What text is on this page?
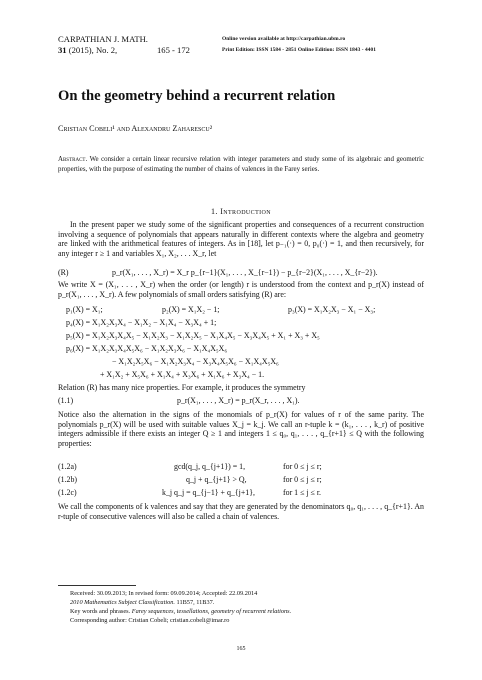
CARPATHIAN J. MATH.
31 (2015), No. 2,	165 - 172
Online version available at http://carpathian.ubm.ro
Print Edition: ISSN 1584 - 2851 Online Edition: ISSN 1843 - 4401
On the geometry behind a recurrent relation
Cristian Cobeli¹ and Alexandru Zaharescu²
Abstract. We consider a certain linear recursive relation with integer parameters and study some of its algebraic and geometric properties, with the purpose of estimating the number of chains of valences in the Farey series.
1. Introduction
In the present paper we study some of the significant properties and consequences of a recurrent construction involving a sequence of polynomials that appears naturally in different contexts where the algebra and geometry are linked with the arithmetical features of integers. As in [18], let p₋₁(·) = 0, p₀(·) = 1, and then recursively, for any integer r ≥ 1 and variables X₁, X₂, . . . X_r, let
(R)	p_r(X₁, . . . , X_r) = X_r p_{r−1}(X₁, . . . , X_{r−1}) − p_{r−2}(X₁, . . . , X_{r−2}).
We write X = (X₁, . . . , X_r) when the order (or length) r is understood from the context and p_r(X) instead of p_r(X₁, . . . , X_r). A few polynomials of small orders satisfying (R) are:
p₁(X) = X₁;	p₂(X) = X₁X₂ − 1;	p₃(X) = X₁X₂X₃ − X₁ − X₃;
p₄(X) = X₁X₂X₃X₄ − X₁X₂ − X₁X₄ − X₃X₄ + 1;
p₅(X) = X₁X₂X₃X₄X₅ − X₁X₂X₃ − X₁X₂X₅ − X₁X₄X₅ − X₃X₄X₅ + X₁ + X₃ + X₅
p₆(X) = X₁X₂X₃X₄X₅X₆ − X₁X₂X₃X₆ − X₁X₄X₅X₆
− X₁X₂X₅X₆ − X₁X₂X₃X₄ − X₃X₄X₅X₆ − X₁X₄X₅X₆
+ X₁X₂ + X₅X₆ + X₁X₄ + X₃X₆ + X₁X₆ + X₃X₄ − 1.
Relation (R) has many nice properties. For example, it produces the symmetry
(1.1)	p_r(X₁, . . . , X_r) = p_r(X_r, . . . , X₁).
Notice also the alternation in the signs of the monomials of p_r(X) for values of r of the same parity. The polynomials p_r(X) will be used with suitable values X_j = k_j. We call an r-tuple k = (k₁, . . . , k_r) of positive integers admissible if there exists an integer Q ≥ 1 and integers 1 ≤ q₀, q₁, . . . , q_{r+1} ≤ Q with the following properties:
(1.2a)	gcd(q_j, q_{j+1}) = 1,	for 0 ≤ j ≤ r;
(1.2b)	q_j + q_{j+1} > Q,	for 0 ≤ j ≤ r;
(1.2c)	k_j q_j = q_{j−1} + q_{j+1},	for 1 ≤ j ≤ r.
We call the components of k valences and say that they are generated by the denominators q₀, q₁, . . . , q_{r+1}. An r-tuple of consecutive valences will also be called a chain of valences.
Received: 30.09.2013; In revised form: 09.09.2014; Accepted: 22.09.2014
2010 Mathematics Subject Classification. 11B57, 11B37.
Key words and phrases. Farey sequences, tessellations, geometry of recurrent relations.
Corresponding author: Cristian Cobeli; cristian.cobeli@imar.ro
165
